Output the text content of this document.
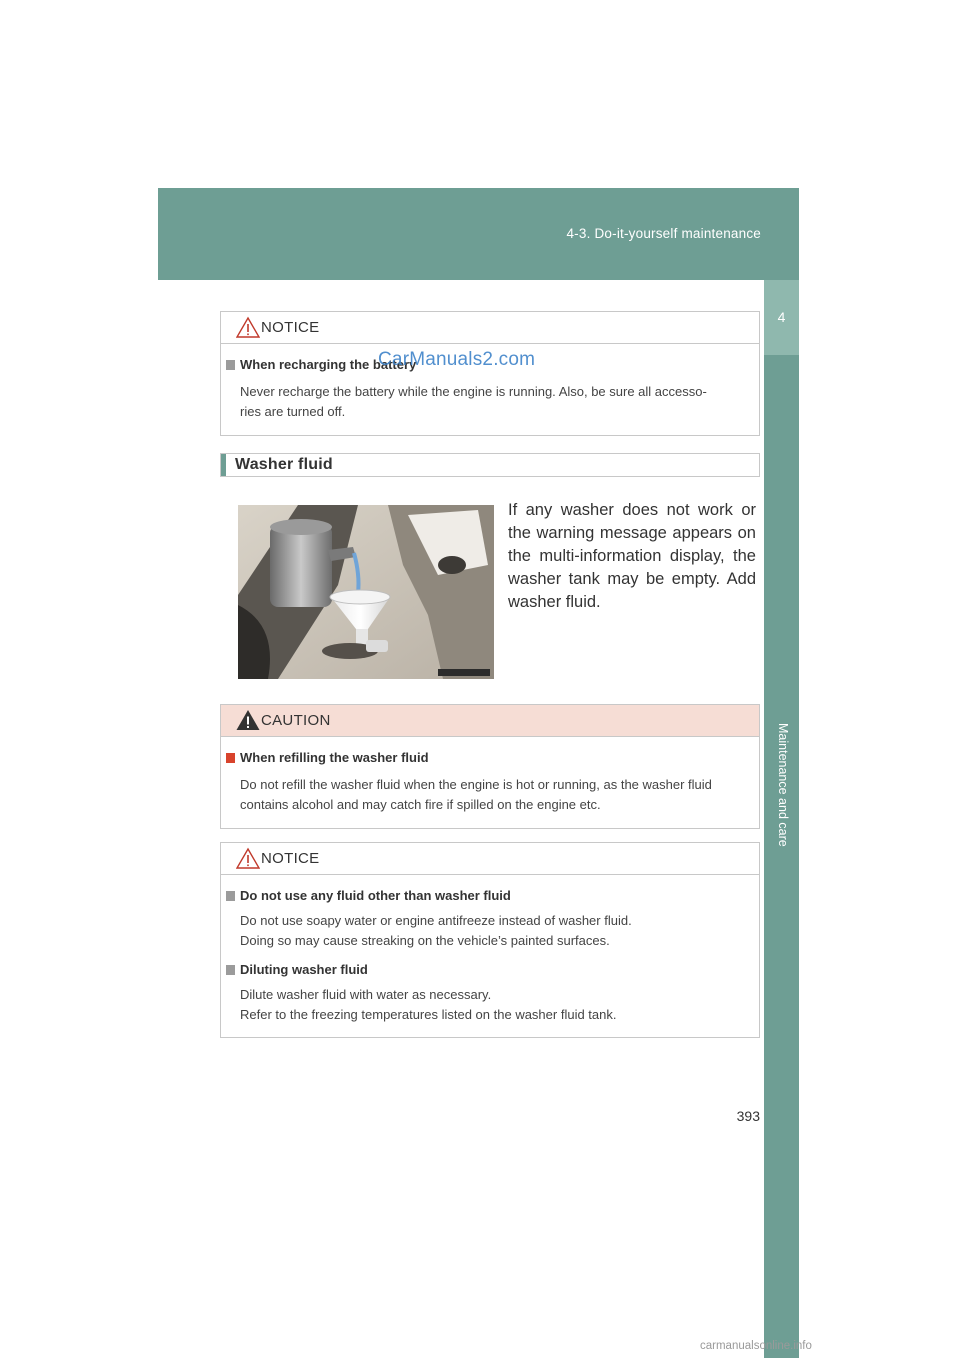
4-3. Do-it-yourself maintenance
4
Maintenance and care
NOTICE
When recharging the battery

Never recharge the battery while the engine is running. Also, be sure all accesso-

ries are turned off.

CarManuals2.com
Washer fluid
If any washer does not work or the warning message appears on the multi-information display, the washer tank may be empty. Add washer fluid.
CAUTION
When refilling the washer fluid

Do not refill the washer fluid when the engine is hot or running, as the washer fluid

contains alcohol and may catch fire if spilled on the engine etc.

NOTICE
Do not use any fluid other than washer fluid

Do not use soapy water or engine antifreeze instead of washer fluid.

Doing so may cause streaking on the vehicle’s painted surfaces.

Diluting washer fluid

Dilute washer fluid with water as necessary.

Refer to the freezing temperatures listed on the washer fluid tank.

393
carmanualsonline.info
